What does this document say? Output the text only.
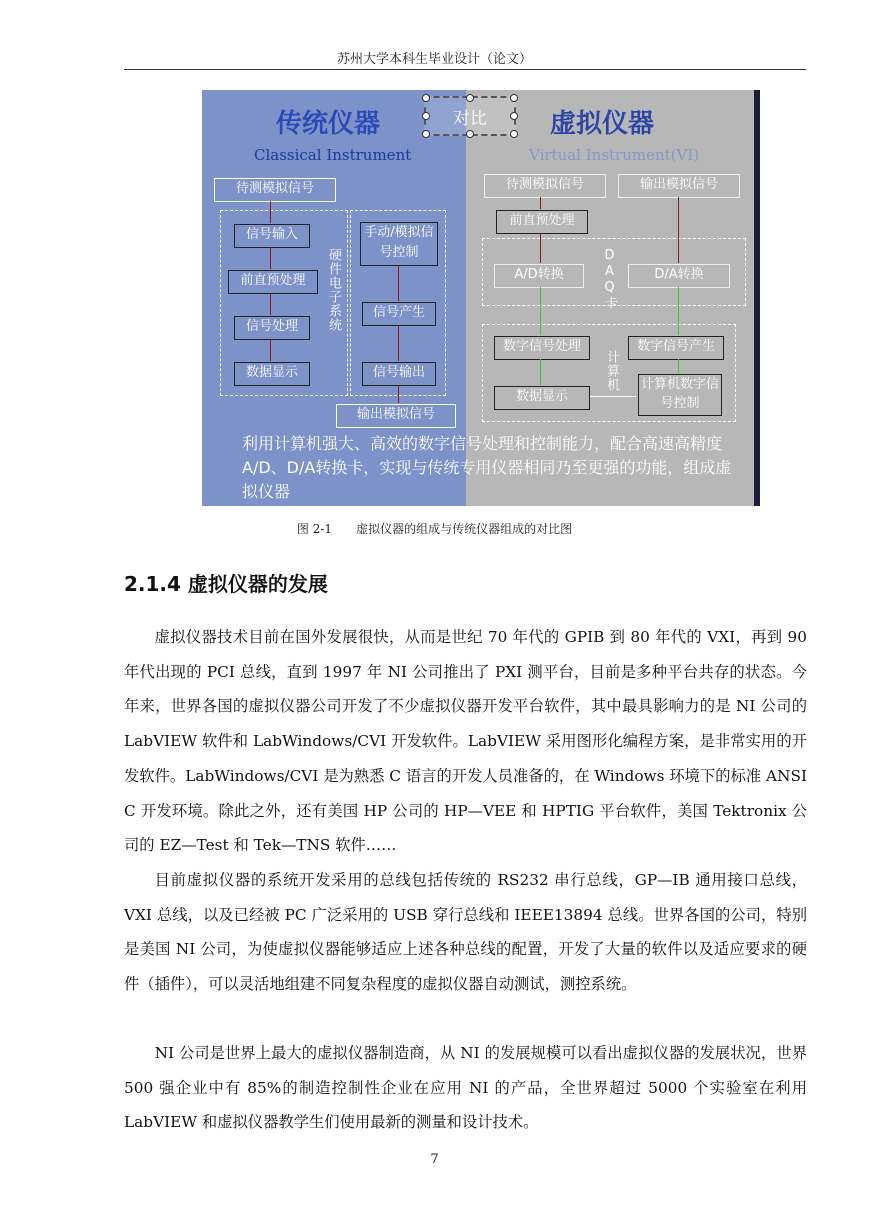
苏州大学本科生毕业设计（论文）
传统仪器	对比	虚拟仪器
Classical Instrument	Virtual Instrument(VI)
待测模拟信号
信号输入
前直预处理
信号处理
数据显示
硬件电子系统
手动/模拟信号控制
信号产生
信号输出
输出模拟信号
待测模拟信号	输出模拟信号
前直预处理
A/D转换	DAQ卡	D/A转换
数字信号处理	数字信号产生
计算机
数据显示
计算机数字信号控制
利用计算机强大、高效的数字信号处理和控制能力，配合高速高精度A/D、D/A转换卡，实现与传统专用仪器相同乃至更强的功能，组成虚拟仪器
图 2-1 虚拟仪器的组成与传统仪器组成的对比图
2.1.4 虚拟仪器的发展

虚拟仪器技术目前在国外发展很快，从而是世纪 70 年代的 GPIB 到 80 年代的 VXI，再到 90 年代出现的 PCI 总线，直到 1997 年 NI 公司推出了 PXI 测平台，目前是多种平台共存的状态。今年来，世界各国的虚拟仪器公司开发了不少虚拟仪器开发平台软件，其中最具影响力的是 NI 公司的 LabVIEW 软件和 LabWindows/CVI 开发软件。LabVIEW 采用图形化编程方案，是非常实用的开发软件。LabWindows/CVI 是为熟悉 C 语言的开发人员准备的，在 Windows 环境下的标准 ANSI C 开发环境。除此之外，还有美国 HP 公司的 HP—VEE 和 HPTIG 平台软件，美国 Tektronix 公司的 EZ—Test 和 Tek—TNS 软件……

目前虚拟仪器的系统开发采用的总线包括传统的 RS232 串行总线，GP—IB 通用接口总线，VXI 总线，以及已经被 PC 广泛采用的 USB 穿行总线和 IEEE13894 总线。世界各国的公司，特别是美国 NI 公司，为使虚拟仪器能够适应上述各种总线的配置，开发了大量的软件以及适应要求的硬件（插件），可以灵活地组建不同复杂程度的虚拟仪器自动测试，测控系统。

NI 公司是世界上最大的虚拟仪器制造商，从 NI 的发展规模可以看出虚拟仪器的发展状况，世界 500 强企业中有 85%的制造控制性企业在应用 NI 的产品，全世界超过 5000 个实验室在利用 LabVIEW 和虚拟仪器教学生们使用最新的测量和设计技术。

7
